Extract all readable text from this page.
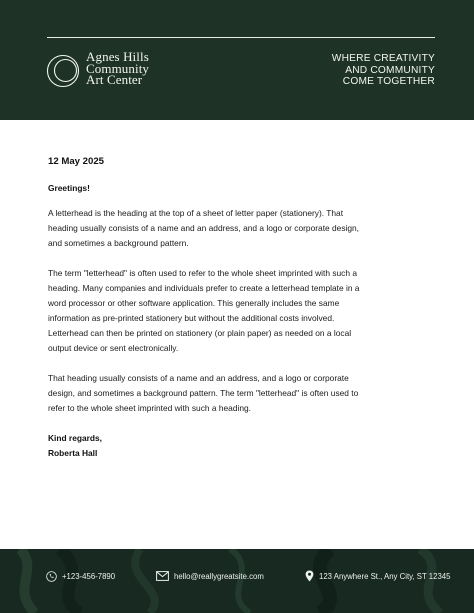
Agnes Hills
Community
Art Center
WHERE CREATIVITY
AND COMMUNITY
COME TOGETHER

12 May 2025

Greetings!

A letterhead is the heading at the top of a sheet of letter paper (stationery). That heading usually consists of a name and an address, and a logo or corporate design, and sometimes a background pattern.

The term "letterhead" is often used to refer to the whole sheet imprinted with such a heading. Many companies and individuals prefer to create a letterhead template in a word processor or other software application. This generally includes the same information as pre-printed stationery but without the additional costs involved. Letterhead can then be printed on stationery (or plain paper) as needed on a local output device or sent electronically.

That heading usually consists of a name and an address, and a logo or corporate design, and sometimes a background pattern. The term "letterhead" is often used to refer to the whole sheet imprinted with such a heading.

Kind regards,

Roberta Hall

+123-456-7890	hello@reallygreatsite.com	123 Anywhere St., Any City, ST 12345
